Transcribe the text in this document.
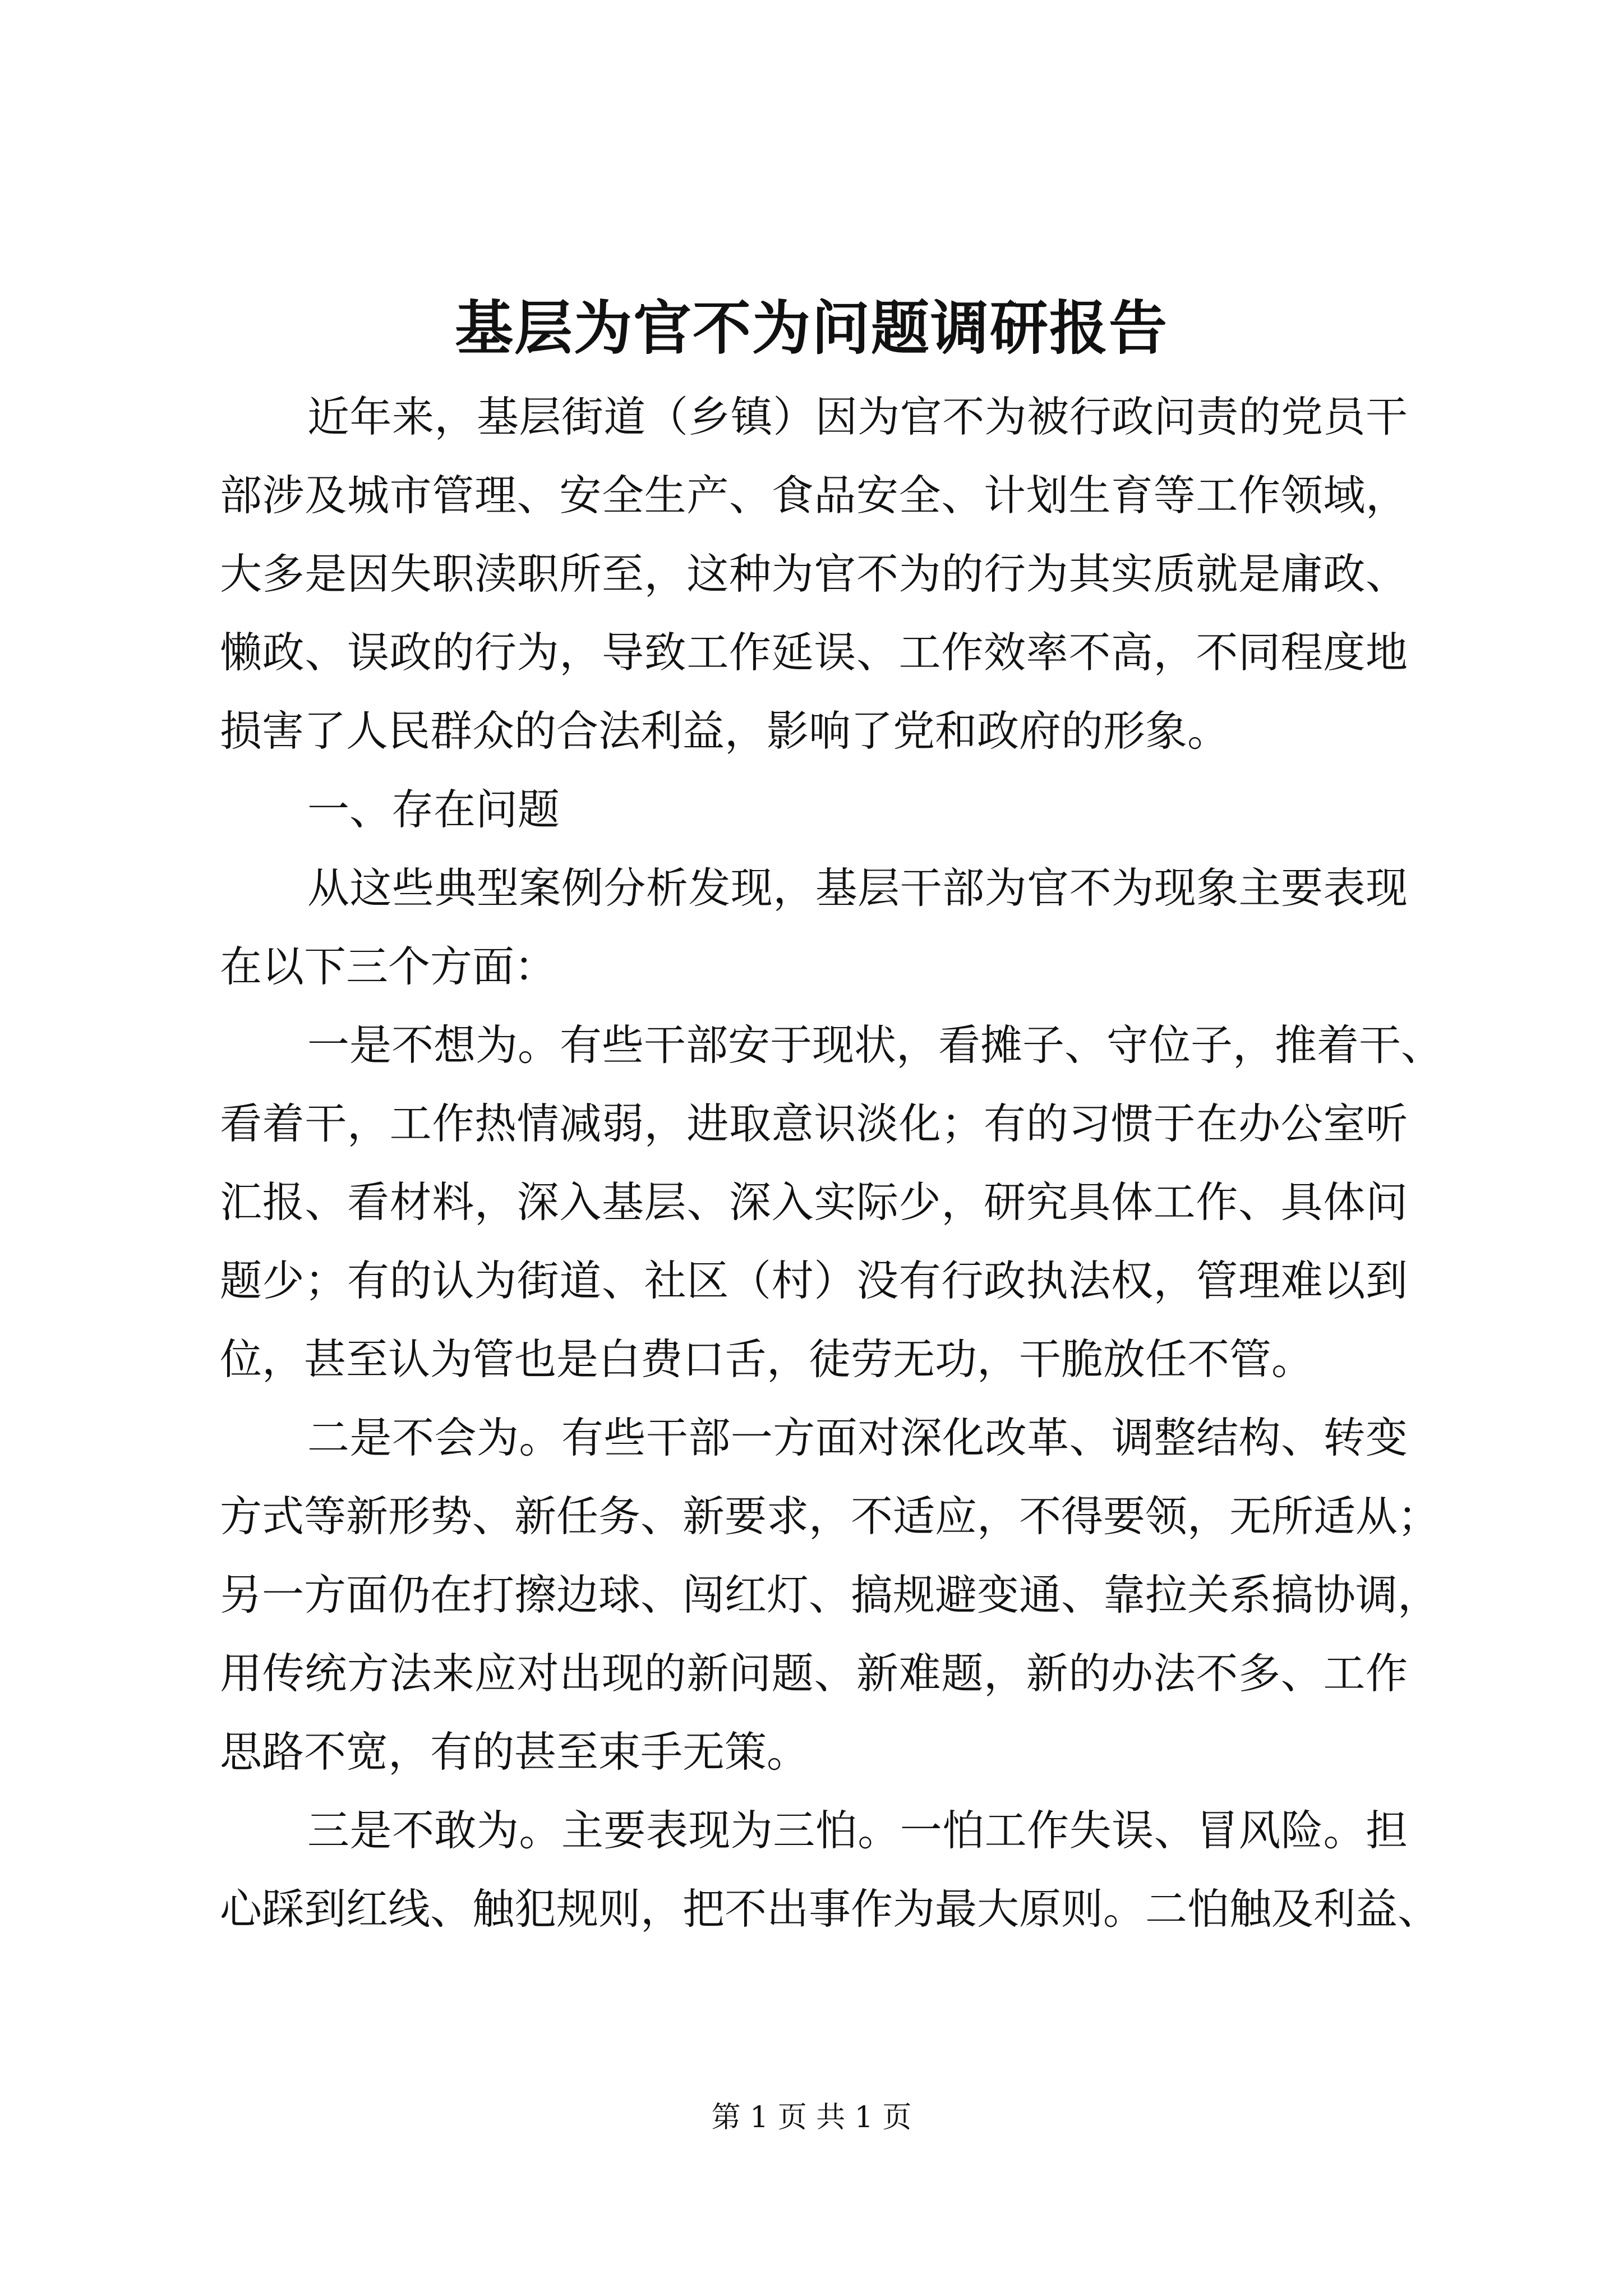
基层为官不为问题调研报告
近年来，基层街道（乡镇）因为官不为被行政问责的党员干
部涉及城市管理、安全生产、食品安全、计划生育等工作领域，
大多是因失职渎职所至，这种为官不为的行为其实质就是庸政、
懒政、误政的行为，导致工作延误、工作效率不高，不同程度地
损害了人民群众的合法利益，影响了党和政府的形象。
一、存在问题
从这些典型案例分析发现，基层干部为官不为现象主要表现
在以下三个方面：
一是不想为。有些干部安于现状，看摊子、守位子，推着干、
看着干，工作热情减弱，进取意识淡化；有的习惯于在办公室听
汇报、看材料，深入基层、深入实际少，研究具体工作、具体问
题少；有的认为街道、社区（村）没有行政执法权，管理难以到
位，甚至认为管也是白费口舌，徒劳无功，干脆放任不管。
二是不会为。有些干部一方面对深化改革、调整结构、转变
方式等新形势、新任务、新要求，不适应，不得要领，无所适从；
另一方面仍在打擦边球、闯红灯、搞规避变通、靠拉关系搞协调，
用传统方法来应对出现的新问题、新难题，新的办法不多、工作
思路不宽，有的甚至束手无策。
三是不敢为。主要表现为三怕。一怕工作失误、冒风险。担
心踩到红线、触犯规则，把不出事作为最大原则。二怕触及利益、
第 1 页 共 1 页
